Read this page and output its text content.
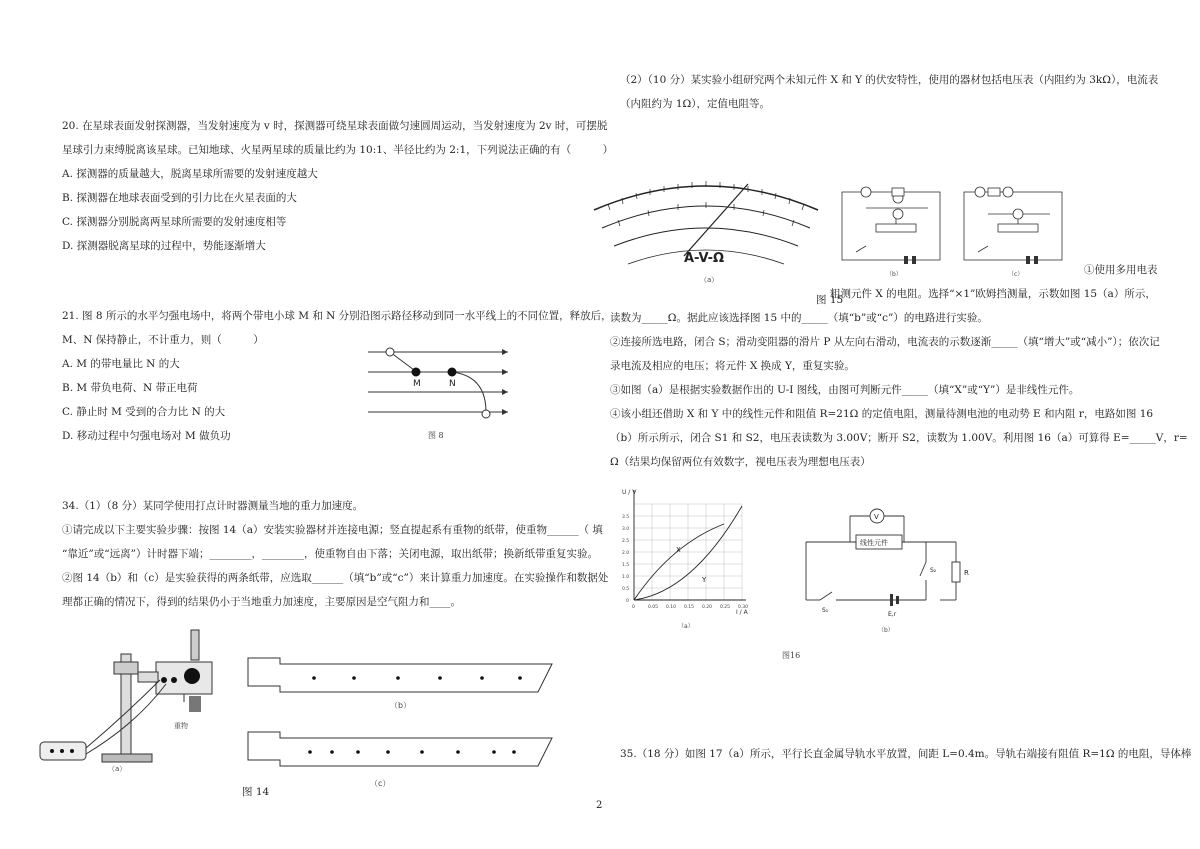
20. 在星球表面发射探测器，当发射速度为 v 时，探测器可绕星球表面做匀速圆周运动，当发射速度为 2v 时，可摆脱
星球引力束缚脱离该星球。已知地球、火星两星球的质量比约为 10:1、半径比约为 2:1，下列说法正确的有（　　　）
A. 探测器的质量越大，脱离星球所需要的发射速度越大
B. 探测器在地球表面受到的引力比在火星表面的大
C. 探测器分别脱离两星球所需要的发射速度相等
D. 探测器脱离星球的过程中，势能逐渐增大
21. 图 8 所示的水平匀强电场中，将两个带电小球 M 和 N 分别沿图示路径移动到同一水平线上的不同位置，释放后，
M、N 保持静止，不计重力，则（　　　）
A. M 的带电量比 N 的大
B. M 带负电荷、N 带正电荷
C. 静止时 M 受到的合力比 N 的大
D. 移动过程中匀强电场对 M 做负功
M	N
图 8
34.（1）（8 分）某同学使用打点计时器测量当地的重力加速度。
①请完成以下主要实验步骤：按图 14（a）安装实验器材并连接电源；竖直提起系有重物的纸带，使重物______（ 填
“靠近”或“远离”）计时器下端；________，________，使重物自由下落；关闭电源，取出纸带；换新纸带重复实验。
②图 14（b）和（c）是实验获得的两条纸带，应选取______（填“b”或“c”）来计算重力加速度。在实验操作和数据处
理都正确的情况下，得到的结果仍小于当地重力加速度，主要原因是空气阻力和____。
重物
（a）
（b）
（c）
图 14
（2）（10 分）某实验小组研究两个未知元件 X 和 Y 的伏安特性，使用的器材包括电压表（内阻约为 3kΩ），电流表
（内阻约为 1Ω），定值电阻等。
A-V-Ω
（a）
（b）	（c）	①使用多用电表
图 15
粗测元件 X 的电阻。选择“×1”欧姆挡测量，示数如图 15（a）所示，
读数为_____Ω。据此应该选择图 15 中的_____（填“b”或“c”）的电路进行实验。
②连接所选电路，闭合 S；滑动变阻器的滑片 P 从左向右滑动，电流表的示数逐渐_____（填“增大”或“减小”）；依次记
录电流及相应的电压；将元件 X 换成 Y，重复实验。
③如图（a）是根据实验数据作出的 U-I 图线，由图可判断元件_____（填“X”或“Y”）是非线性元件。
④该小组还借助 X 和 Y 中的线性元件和阻值 R=21Ω 的定值电阻，测量待测电池的电动势 E 和内阻 r，电路如图 16
（b）所示所示，闭合 S1 和 S2，电压表读数为 3.00V；断开 S2，读数为 1.00V。利用图 16（a）可算得 E=_____V，r=
Ω（结果均保留两位有效数字，视电压表为理想电压表）
U / V
I / A
X
Y
0
0.5
1.0
1.5
2.0
2.5
3.0
3.5
0	0.05 0.10 0.15 0.20 0.25 0.30
（a）
V
线性元件
R
S₂
S₁
E,r
（b）
图16
35.（18 分）如图 17（a）所示，平行长直金属导轨水平放置，间距 L=0.4m。导轨右端接有阻值 R=1Ω 的电阻，导体棒
2
